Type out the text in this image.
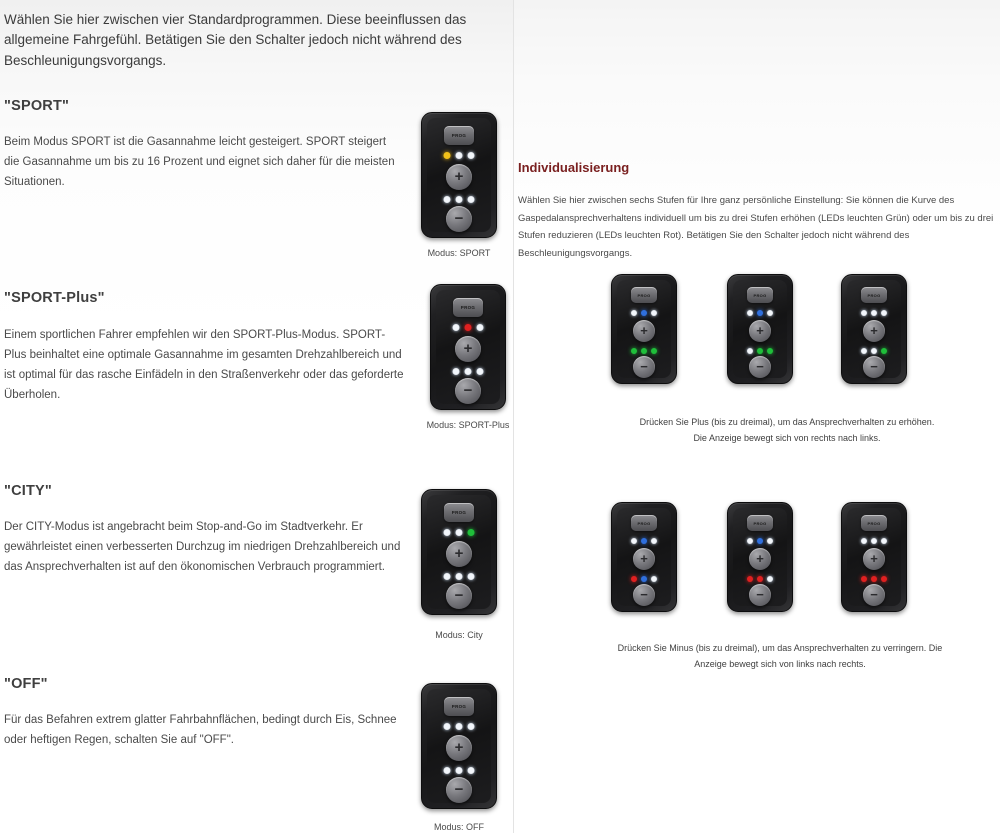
Wählen Sie hier zwischen vier Standardprogrammen. Diese beeinflussen das allgemeine Fahrgefühl. Betätigen Sie den Schalter jedoch nicht während des Beschleunigungsvorgangs.
"SPORT"
Beim Modus SPORT ist die Gasannahme leicht gesteigert. SPORT steigert die Gasannahme um bis zu 16 Prozent und eignet sich daher für die meisten Situationen.
PROG
+
−
Modus: SPORT
"SPORT-Plus"
Einem sportlichen Fahrer empfehlen wir den SPORT-Plus-Modus. SPORT-Plus beinhaltet eine optimale Gasannahme im gesamten Drehzahlbereich und ist optimal für das rasche Einfädeln in den Straßenverkehr oder das geforderte Überholen.
PROG
+
−
Modus: SPORT-Plus
"CITY"
Der CITY-Modus ist angebracht beim Stop-and-Go im Stadtverkehr. Er gewährleistet einen verbesserten Durchzug im niedrigen Drehzahlbereich und das Ansprechverhalten ist auf den ökonomischen Verbrauch programmiert.
PROG
+
−
Modus: City
"OFF"
Für das Befahren extrem glatter Fahrbahnflächen, bedingt durch Eis, Schnee oder heftigen Regen, schalten Sie auf "OFF".
PROG
+
−
Modus: OFF
Individualisierung
Wählen Sie hier zwischen sechs Stufen für Ihre ganz persönliche Einstellung: Sie können die Kurve des Gaspedalansprechverhaltens individuell um bis zu drei Stufen erhöhen (LEDs leuchten Grün) oder um bis zu drei Stufen reduzieren (LEDs leuchten Rot). Betätigen Sie den Schalter jedoch nicht während des Beschleunigungsvorgangs.
PROG
+
−
PROG
+
−
PROG
+
−
Drücken Sie Plus (bis zu dreimal), um das Ansprechverhalten zu erhöhen. Die Anzeige bewegt sich von rechts nach links.
PROG
+
−
PROG
+
−
PROG
+
−
Drücken Sie Minus (bis zu dreimal), um das Ansprechverhalten zu verringern. Die Anzeige bewegt sich von links nach rechts.
